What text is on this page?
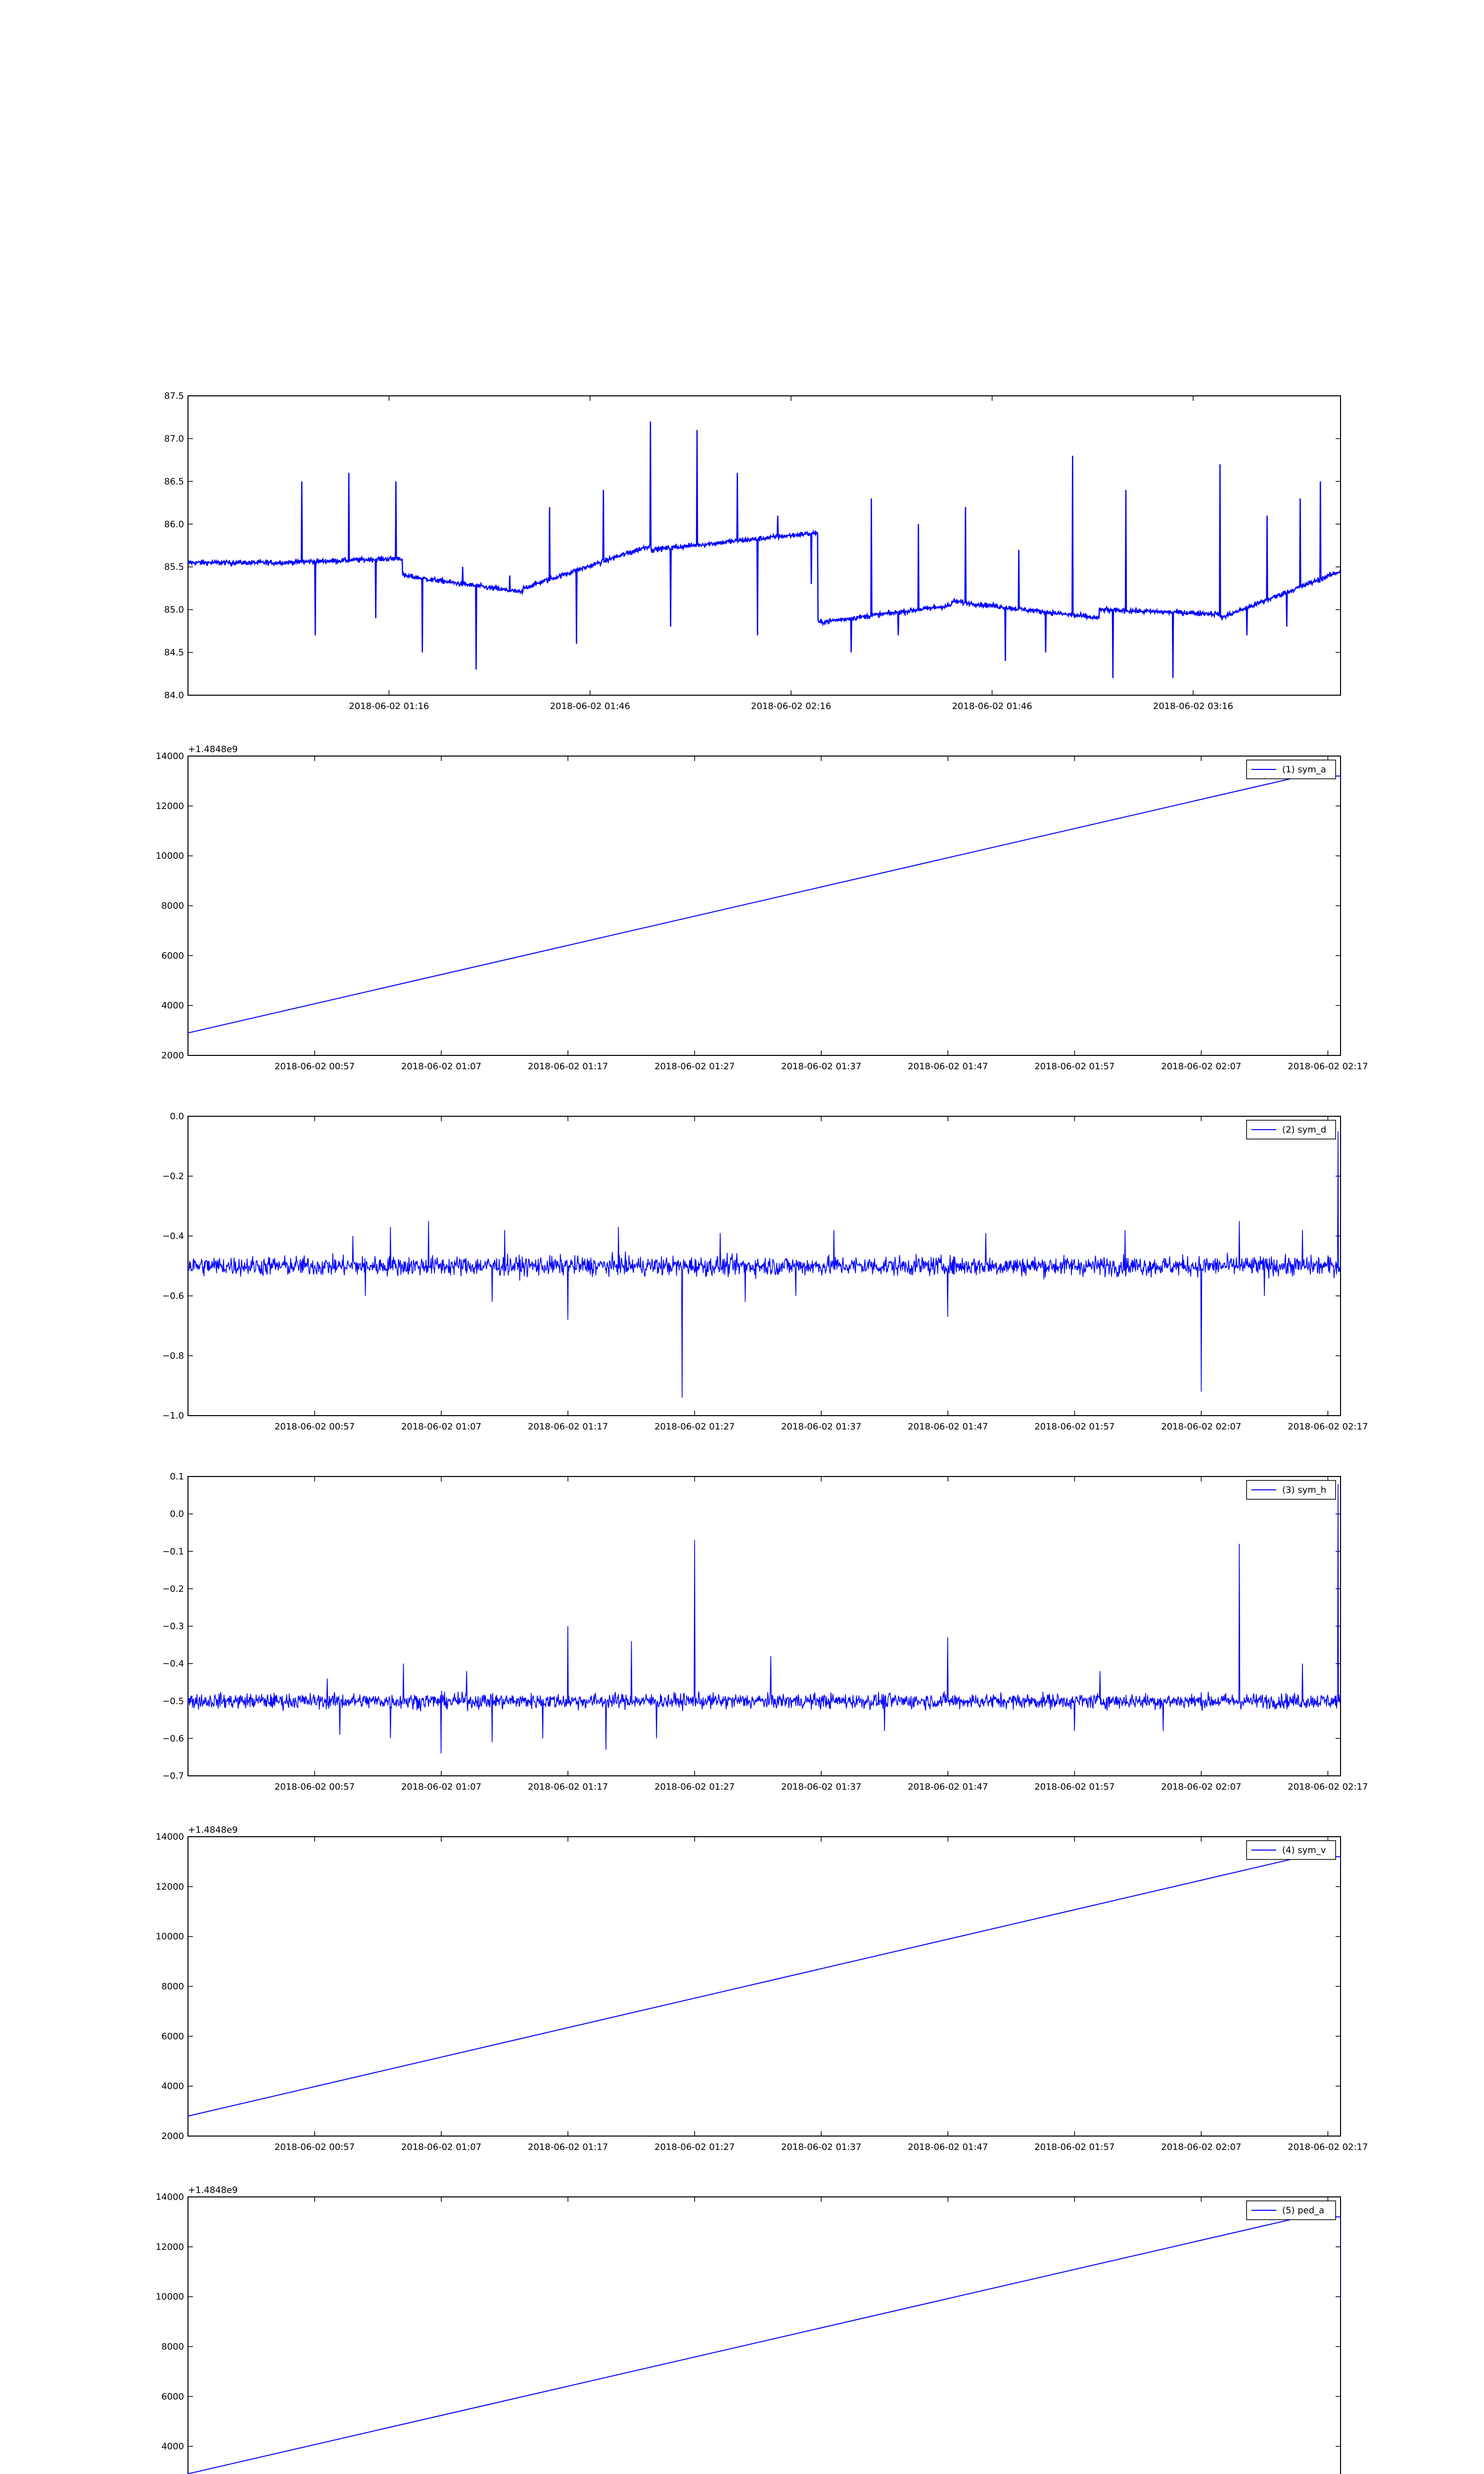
84.0
84.5
85.0
85.5
86.0
86.5
87.0
87.5
2018-06-02 01:16	2018-06-02 01:46	2018-06-02 02:16	2018-06-02 01:46	2018-06-02 03:16
2000
4000
6000
8000
10000
12000
14000
2018-06-02 00:57	2018-06-02 01:07	2018-06-02 01:17	2018-06-02 01:27	2018-06-02 01:37	2018-06-02 01:47	2018-06-02 01:57	2018-06-02 02:07	2018-06-02 02:17
+1.4848e9
(1) sym_a
−1.0
−0.8
−0.6
−0.4
−0.2
0.0
2018-06-02 00:57	2018-06-02 01:07	2018-06-02 01:17	2018-06-02 01:27	2018-06-02 01:37	2018-06-02 01:47	2018-06-02 01:57	2018-06-02 02:07	2018-06-02 02:17
(2) sym_d
−0.7
−0.6
−0.5
−0.4
−0.3
−0.2
−0.1
0.0
0.1
2018-06-02 00:57	2018-06-02 01:07	2018-06-02 01:17	2018-06-02 01:27	2018-06-02 01:37	2018-06-02 01:47	2018-06-02 01:57	2018-06-02 02:07	2018-06-02 02:17
(3) sym_h
2000
4000
6000
8000
10000
12000
14000
2018-06-02 00:57	2018-06-02 01:07	2018-06-02 01:17	2018-06-02 01:27	2018-06-02 01:37	2018-06-02 01:47	2018-06-02 01:57	2018-06-02 02:07	2018-06-02 02:17
+1.4848e9
(4) sym_v
4000
6000
8000
10000
12000
14000
+1.4848e9
(5) ped_a
